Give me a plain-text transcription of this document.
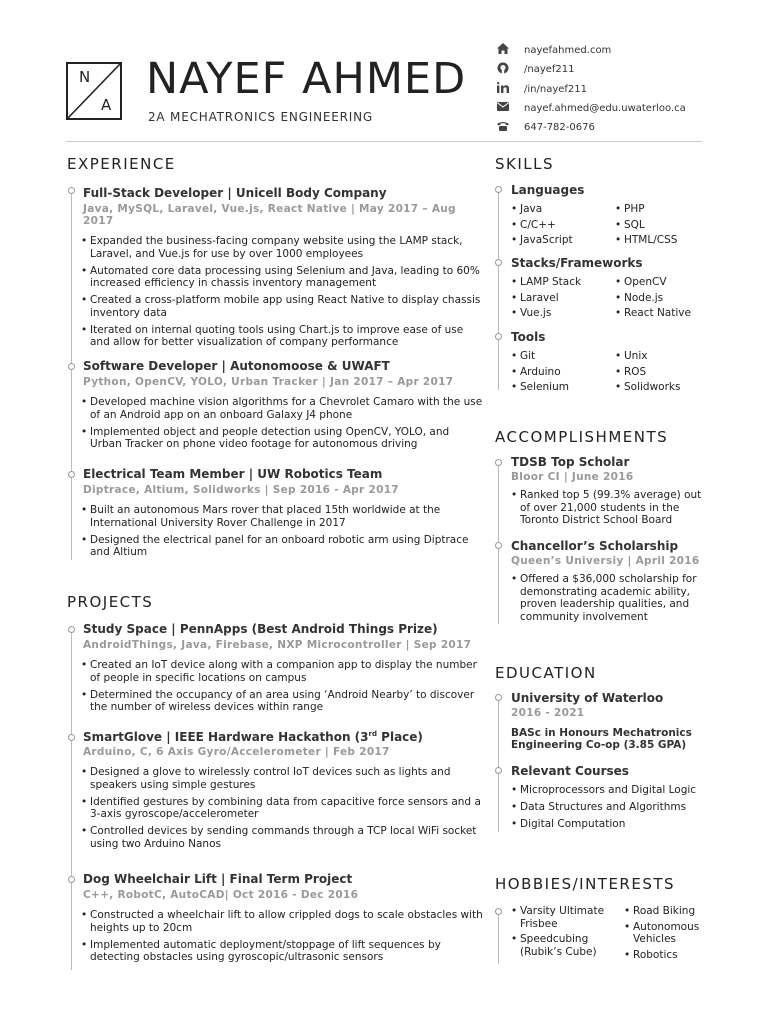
N
A
NAYEF AHMED
2A MECHATRONICS ENGINEERING
nayefahmed.com
/nayef211
/in/nayef211
nayef.ahmed@edu.uwaterloo.ca
647-782-0676
EXPERIENCE
Full-Stack Developer | Unicell Body Company
Java, MySQL, Laravel, Vue.js, React Native | May 2017 – Aug 2017
• Expanded the business-facing company website using the LAMP stack, Laravel, and Vue.js for use by over 1000 employees
• Automated core data processing using Selenium and Java, leading to 60% increased efficiency in chassis inventory management
• Created a cross-platform mobile app using React Native to display chassis inventory data
• Iterated on internal quoting tools using Chart.js to improve ease of use and allow for better visualization of company performance
Software Developer | Autonomoose & UWAFT
Python, OpenCV, YOLO, Urban Tracker | Jan 2017 – Apr 2017
• Developed machine vision algorithms for a Chevrolet Camaro with the use of an Android app on an onboard Galaxy J4 phone
• Implemented object and people detection using OpenCV, YOLO, and Urban Tracker on phone video footage for autonomous driving
Electrical Team Member | UW Robotics Team
Diptrace, Altium, Solidworks | Sep 2016 - Apr 2017
• Built an autonomous Mars rover that placed 15th worldwide at the International University Rover Challenge in 2017
• Designed the electrical panel for an onboard robotic arm using Diptrace and Altium
PROJECTS
Study Space | PennApps (Best Android Things Prize)
AndroidThings, Java, Firebase, NXP Microcontroller | Sep 2017
• Created an IoT device along with a companion app to display the number of people in specific locations on campus
• Determined the occupancy of an area using ‘Android Nearby’ to discover the number of wireless devices within range
SmartGlove | IEEE Hardware Hackathon (3rd Place)
Arduino, C, 6 Axis Gyro/Accelerometer | Feb 2017
• Designed a glove to wirelessly control IoT devices such as lights and speakers using simple gestures
• Identified gestures by combining data from capacitive force sensors and a 3-axis gyroscope/accelerometer
• Controlled devices by sending commands through a TCP local WiFi socket using two Arduino Nanos
Dog Wheelchair Lift | Final Term Project
C++, RobotC, AutoCAD| Oct 2016 - Dec 2016
• Constructed a wheelchair lift to allow crippled dogs to scale obstacles with heights up to 20cm
• Implemented automatic deployment/stoppage of lift sequences by detecting obstacles using gyroscopic/ultrasonic sensors
SKILLS
Languages
• Java
• C/C++
• JavaScript
• PHP
• SQL
• HTML/CSS
Stacks/Frameworks
• LAMP Stack
• Laravel
• Vue.js
• OpenCV
• Node.js
• React Native
Tools
• Git
• Arduino
• Selenium
• Unix
• ROS
• Solidworks
ACCOMPLISHMENTS
TDSB Top Scholar
Bloor CI | June 2016
• Ranked top 5 (99.3% average) out of over 21,000 students in the Toronto District School Board
Chancellor’s Scholarship
Queen’s Universiy | April 2016
• Offered a $36,000 scholarship for demonstrating academic ability, proven leadership qualities, and community involvement
EDUCATION
University of Waterloo
2016 - 2021
BASc in Honours Mechatronics
Engineering Co-op (3.85 GPA)
Relevant Courses
• Microprocessors and Digital Logic
• Data Structures and Algorithms
• Digital Computation
HOBBIES/INTERESTS
• Varsity Ultimate Frisbee
• Speedcubing (Rubik’s Cube)
• Road Biking
• Autonomous Vehicles
• Robotics
